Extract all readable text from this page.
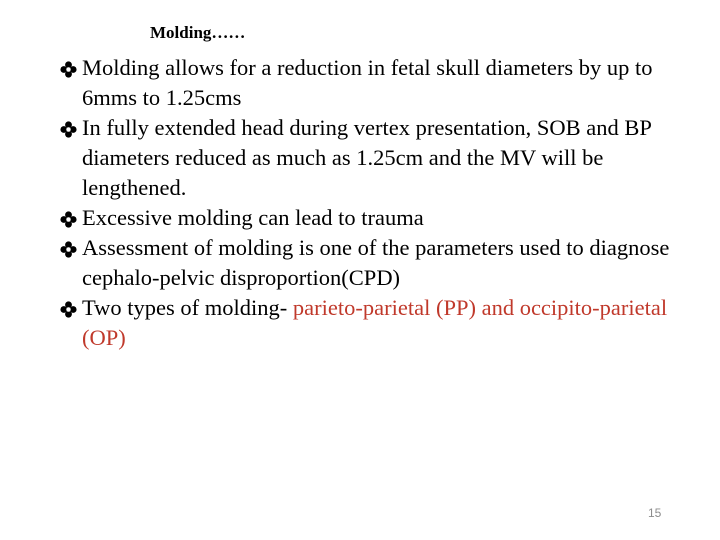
Molding……
Molding allows for a reduction in fetal skull diameters by up to 6mms to 1.25cms
In fully extended head during vertex presentation, SOB and BP diameters reduced as much as 1.25cm and the MV will be lengthened.
Excessive molding can lead to trauma
Assessment of molding is one of the parameters used to diagnose cephalo-pelvic disproportion(CPD)
Two types of molding- parieto-parietal (PP) and occipito-parietal (OP)
15
